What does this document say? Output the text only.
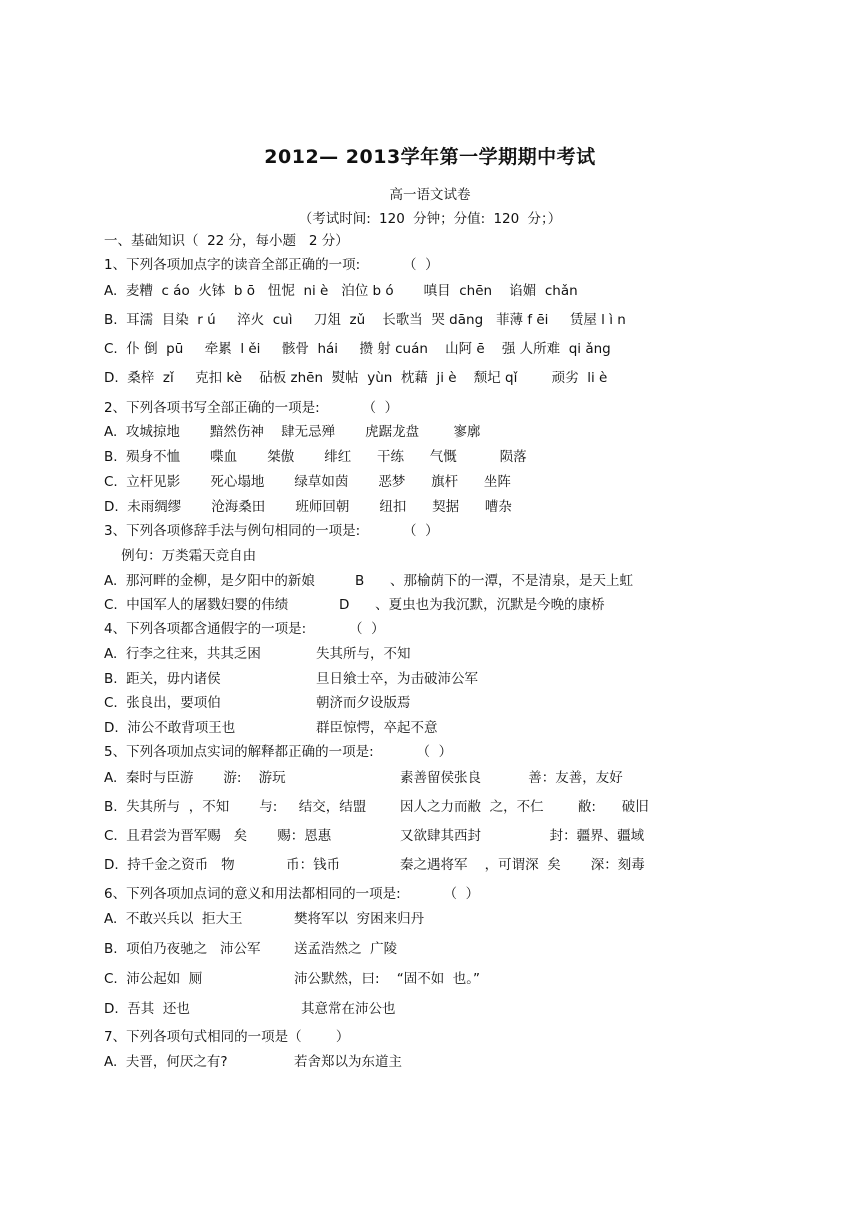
2012— 2013学年第一学期期中考试
高一语文试卷
（考试时间: 120 分钟；分值: 120 分；）
一、基础知识（  22 分，每小题   2 分）
1、下列各项加点字的读音全部正确的一项:          （  ）
A.  麦糟  c áo  火钵  b ō   忸怩  ni è   泊位 b ó       嗔目  chēn    谄媚  chǎn
B.  耳濡  目染  r ú     淬火  cuì     刀俎  zǔ    长歌当  哭 dāng   菲薄 f ēi     赁屋 l ì n
C.  仆 倒  pū     牵累  l ěi     骸骨  hái     攒 射 cuán    山阿 ē    强 人所难  qi ǎng
D.  桑梓  zǐ     克扣 kè    砧板 zhēn  熨帖  yùn  枕藉  ji è    颓圮 qǐ        顽劣  li è
2、下列各项书写全部正确的一项是:          （  ）
A.  攻城掠地       黯然伤神    肆无忌殚       虎踞龙盘        寥廓
B.  殒身不恤       喋血       桀傲       绯红      干练      气慨          陨落
C.  立杆见影       死心塌地       绿草如茵       恶梦      旗杆      坐阵
D.  未雨绸缪       沧海桑田       班师回朝       纽扣      契据      嘈杂
3、下列各项修辞手法与例句相同的一项是:          （  ）
例句：万类霜天竞自由
A.  那河畔的金柳，是夕阳中的新娘	B      、那榆荫下的一潭，不是清泉，是天上虹
C.  中国军人的屠戮妇婴的伟绩	D      、夏虫也为我沉默，沉默是今晚的康桥
4、下列各项都含通假字的一项是:          （  ）
A.  行李之往来，共其乏困	失其所与，不知
B.  距关，毋内诸侯	旦日飨士卒，为击破沛公军
C.  张良出，要项伯	朝济而夕设版焉
D.  沛公不敢背项王也	群臣惊愕，卒起不意
5、下列各项加点实词的解释都正确的一项是:          （  ）
A.  秦时与臣游       游:    游玩	素善留侯张良           善：友善，友好
B.  失其所与  ，不知       与:     结交，结盟 因人之力而敝  之，不仁        敝:      破旧
C.  且君尝为晋军赐   矣       赐：恩惠	又欲肆其西封                封：疆界、疆域
D.  持千金之资币   物            币：钱币	秦之遇将军    ，可谓深  矣       深：刻毒
6、下列各项加点词的意义和用法都相同的一项是:          （  ）
A.  不敢兴兵以  拒大王	樊将军以  穷困来归丹
B.  项伯乃夜驰之   沛公军 送孟浩然之  广陵
C.  沛公起如  厕	沛公默然，曰:    “固不如  也。”
D.  吾其  还也	其意常在沛公也
7、下列各项句式相同的一项是（        ）
A.  夫晋，何厌之有?	若舍郑以为东道主
